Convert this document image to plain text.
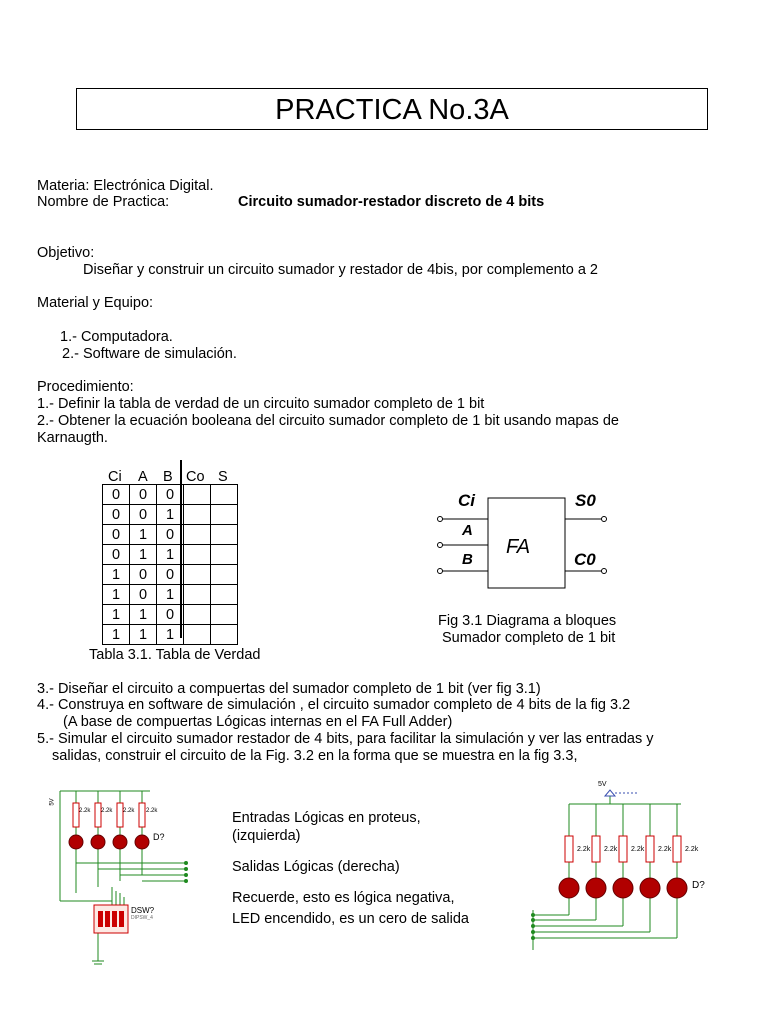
PRACTICA No.3A
Materia: Electrónica Digital.
Nombre de Practica:	Circuito sumador-restador discreto de 4 bits
Objetivo:
Diseñar y construir un circuito sumador y restador de 4bis, por complemento a 2
Material y Equipo:
1.- Computadora.
2.- Software de simulación.
Procedimiento:
1.- Definir la tabla de verdad de un circuito sumador completo de 1 bit
2.- Obtener la ecuación booleana del circuito sumador completo de 1 bit usando mapas de
Karnaugth.
Ci A B Co S
0	0	0		
0	0	1		
0	1	0		
0	1	1		
1	0	0		
1	0	1		
1	1	0		
1	1	1		
Tabla 3.1. Tabla de Verdad
Ci
A
B
FA
S0
C0
Fig 3.1 Diagrama a bloques
Sumador completo de 1 bit
3.- Diseñar el circuito a compuertas del sumador completo de 1 bit (ver fig 3.1)
4.- Construya en software de simulación , el circuito sumador completo de 4 bits de la fig 3.2
(A base de compuertas Lógicas internas en el FA Full Adder)
5.- Simular el circuito sumador restador de 4 bits, para facilitar la simulación y ver las entradas y
salidas, construir el circuito de la Fig. 3.2 en la forma que se muestra en la fig 3.3,
Entradas Lógicas en proteus,
(izquierda)
Salidas Lógicas (derecha)
Recuerde, esto es lógica negativa,
LED encendido, es un cero de salida
5V
2.2k 2.2k 2.2k 2.2k
D?
DSW?
DIPSW_4
5V
2.2k 2.2k 2.2k 2.2k 2.2k
D?
